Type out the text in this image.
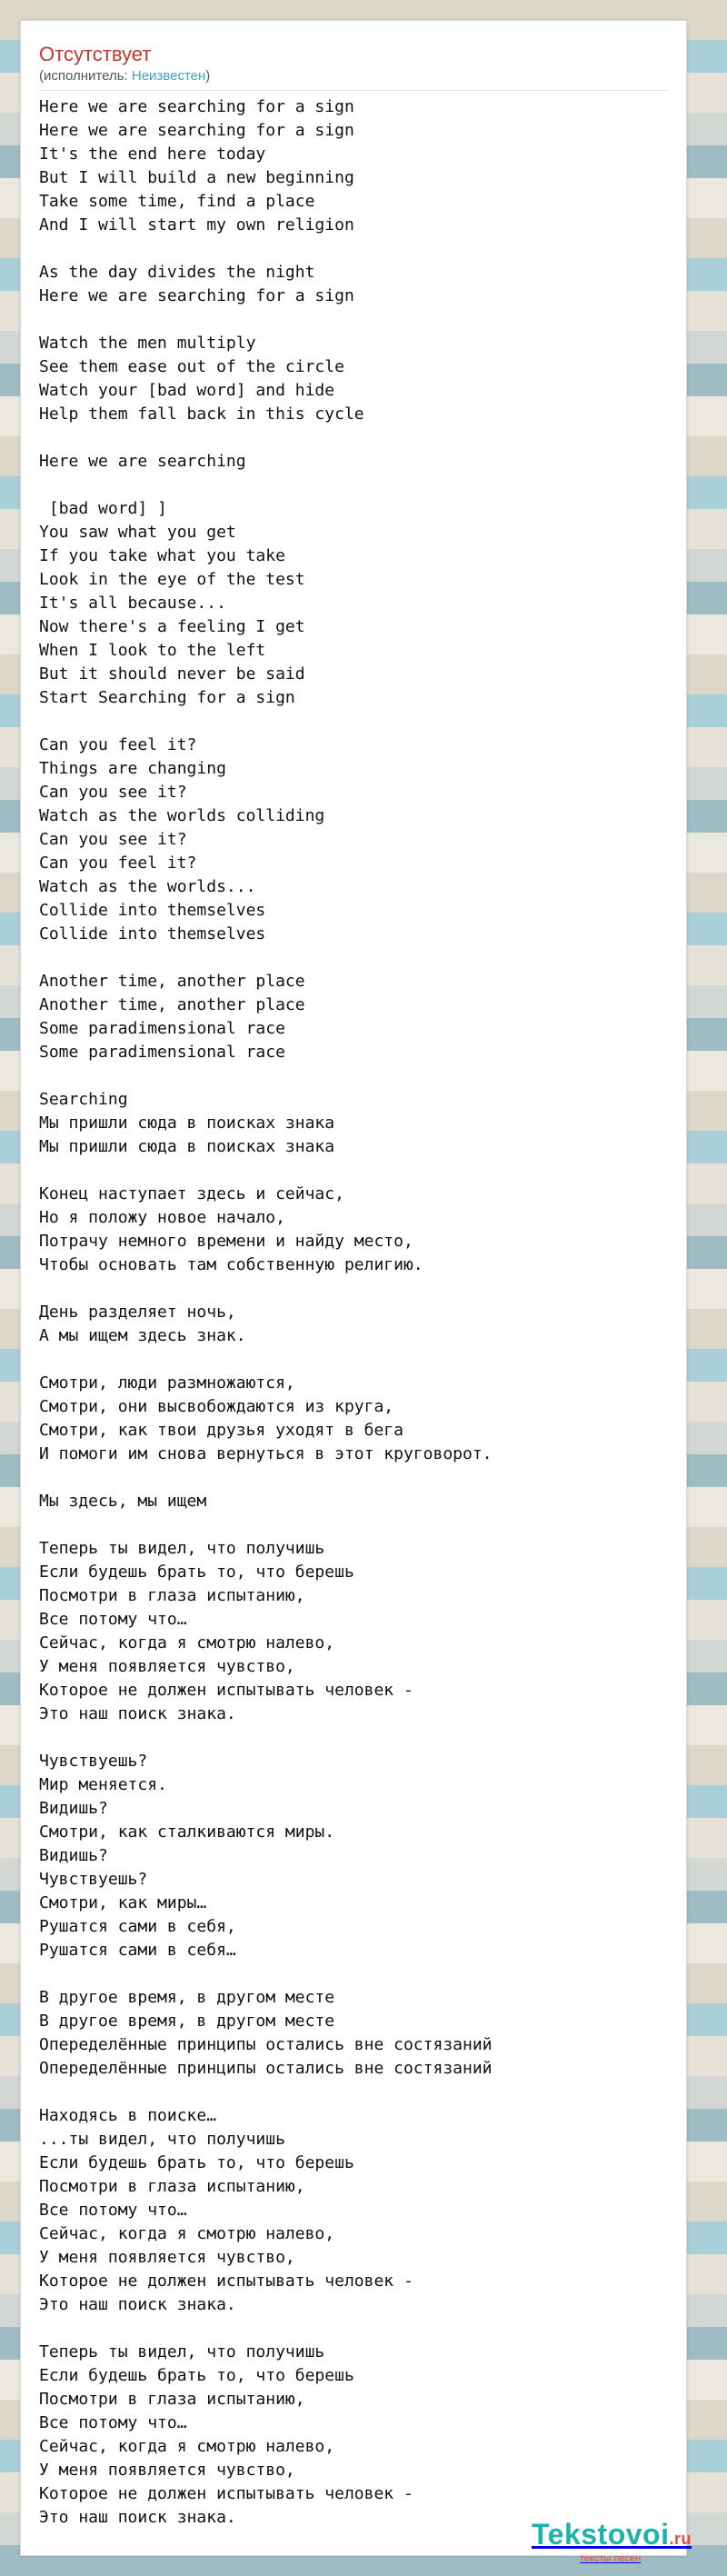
Отсутствует
(исполнитель: Неизвестен)
Here we are searching for a sign
Here we are searching for a sign
It's the end here today
But I will build a new beginning
Take some time, find a place
And I will start my own religion

As the day divides the night
Here we are searching for a sign

Watch the men multiply
See them ease out of the circle
Watch your [bad word] and hide
Help them fall back in this cycle

Here we are searching

[bad word] ]
You saw what you get
If you take what you take
Look in the eye of the test
It's all because...
Now there's a feeling I get
When I look to the left
But it should never be said
Start Searching for a sign

Can you feel it?
Things are changing
Can you see it?
Watch as the worlds colliding
Can you see it?
Can you feel it?
Watch as the worlds...
Collide into themselves
Collide into themselves

Another time, another place
Another time, another place
Some paradimensional race
Some paradimensional race

Searching
Мы пришли сюда в поисках знака
Мы пришли сюда в поисках знака

Конец наступает здесь и сейчас,
Но я положу новое начало,
Потрачу немного времени и найду место,
Чтобы основать там собственную религию.

День разделяет ночь,
А мы ищем здесь знак.

Смотри, люди размножаются,
Смотри, они высвобождаются из круга,
Смотри, как твои друзья уходят в бега
И помоги им снова вернуться в этот круговорот.

Мы здесь, мы ищем

Теперь ты видел, что получишь
Если будешь брать то, что берешь
Посмотри в глаза испытанию,
Все потому что…
Сейчас, когда я смотрю налево,
У меня появляется чувство,
Которое не должен испытывать человек -
Это наш поиск знака.

Чувствуешь?
Мир меняется.
Видишь?
Смотри, как сталкиваются миры.
Видишь?
Чувствуешь?
Смотри, как миры…
Рушатся сами в себя,
Рушатся сами в себя…

В другое время, в другом месте
В другое время, в другом месте
Опеределённые принципы остались вне состязаний
Опеределённые принципы остались вне состязаний

Находясь в поиске…
...ты видел, что получишь
Если будешь брать то, что берешь
Посмотри в глаза испытанию,
Все потому что…
Сейчас, когда я смотрю налево,
У меня появляется чувство,
Которое не должен испытывать человек -
Это наш поиск знака.

Теперь ты видел, что получишь
Если будешь брать то, что берешь
Посмотри в глаза испытанию,
Все потому что…
Сейчас, когда я смотрю налево,
У меня появляется чувство,
Которое не должен испытывать человек -
Это наш поиск знака.

Tekstovoi.ru
тексты песен
